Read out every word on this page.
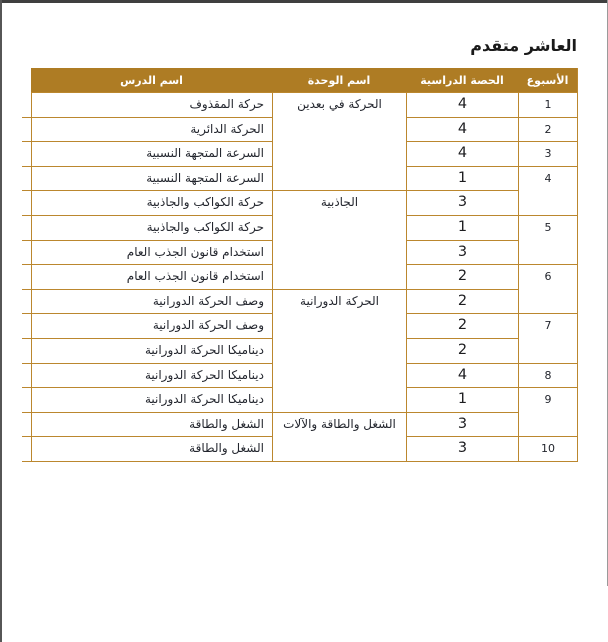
العاشر متقدم
الأسبوع
الحصة الدراسية
اسم الوحدة
اسم الدرس
1
2
3
4
5
6
7
8
9
10
4
4
4
1
3
1
3
2
2
2
2
4
1
3
3
الحركة في بعدين
الجاذبية
الحركة الدورانية
الشغل والطاقة والآلات
حركة المقذوف
الحركة الدائرية
السرعة المتجهة النسبية
السرعة المتجهة النسبية
حركة الكواكب والجاذبية
حركة الكواكب والجاذبية
استخدام قانون الجذب العام
استخدام قانون الجذب العام
وصف الحركة الدورانية
وصف الحركة الدورانية
ديناميكا الحركة الدورانية
ديناميكا الحركة الدورانية
ديناميكا الحركة الدورانية
الشغل والطاقة
الشغل والطاقة
